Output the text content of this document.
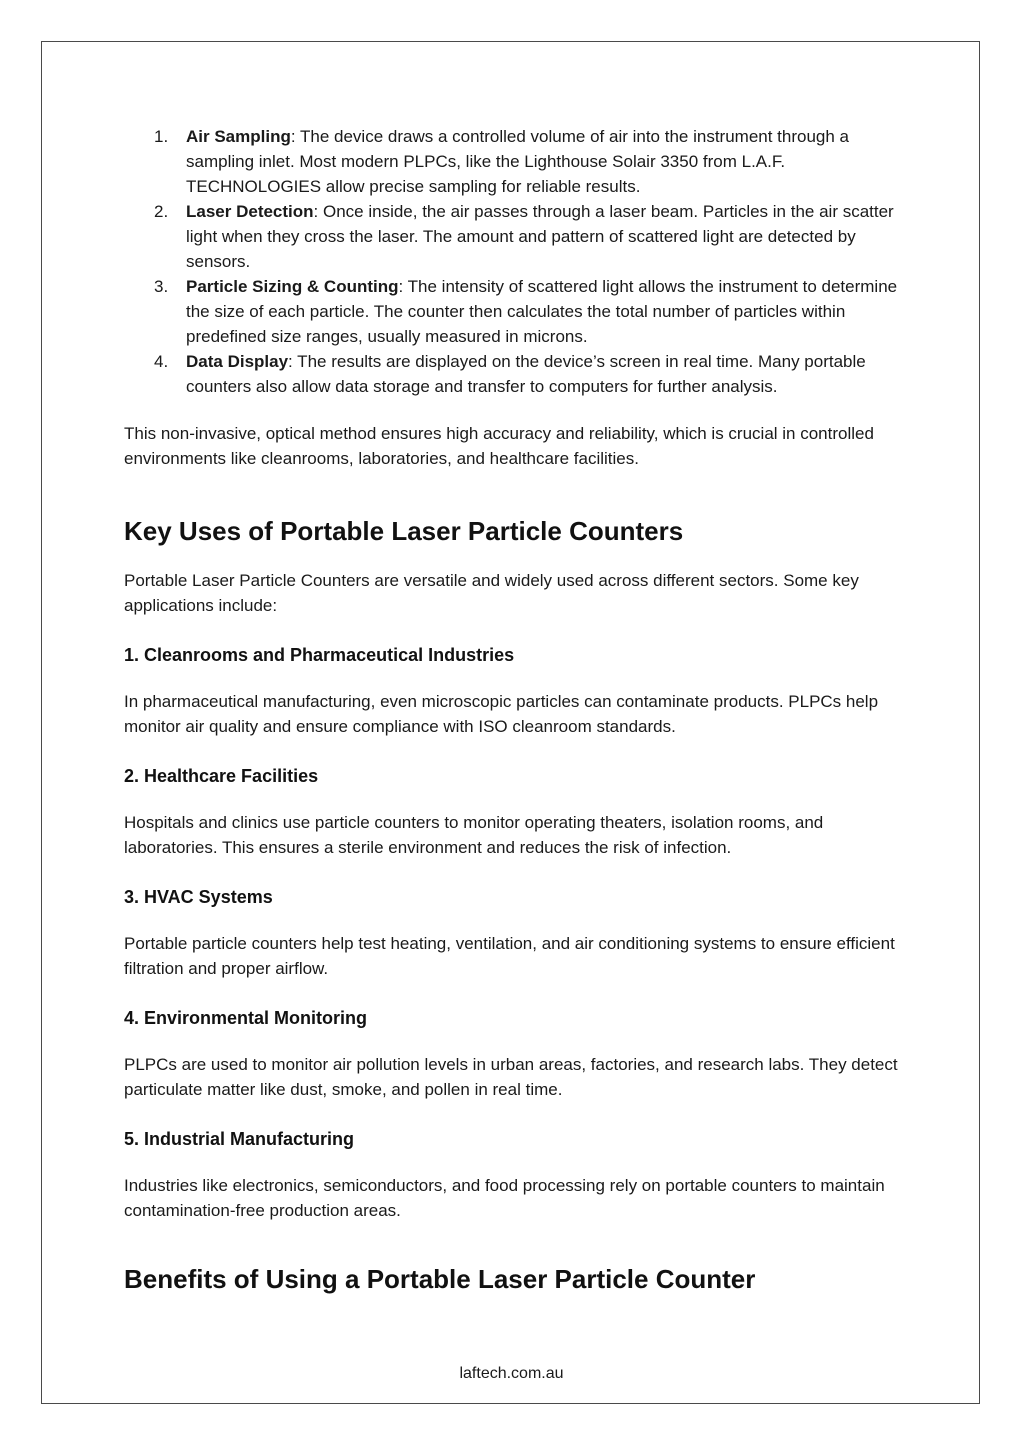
1.	Air Sampling: The device draws a controlled volume of air into the instrument through a sampling inlet. Most modern PLPCs, like the Lighthouse Solair 3350 from L.A.F. TECHNOLOGIES allow precise sampling for reliable results.
2.	Laser Detection: Once inside, the air passes through a laser beam. Particles in the air scatter light when they cross the laser. The amount and pattern of scattered light are detected by sensors.
3.	Particle Sizing & Counting: The intensity of scattered light allows the instrument to determine the size of each particle. The counter then calculates the total number of particles within predefined size ranges, usually measured in microns.
4.	Data Display: The results are displayed on the device’s screen in real time. Many portable counters also allow data storage and transfer to computers for further analysis.

This non-invasive, optical method ensures high accuracy and reliability, which is crucial in controlled environments like cleanrooms, laboratories, and healthcare facilities.

Key Uses of Portable Laser Particle Counters

Portable Laser Particle Counters are versatile and widely used across different sectors. Some key applications include:

1. Cleanrooms and Pharmaceutical Industries

In pharmaceutical manufacturing, even microscopic particles can contaminate products. PLPCs help monitor air quality and ensure compliance with ISO cleanroom standards.

2. Healthcare Facilities

Hospitals and clinics use particle counters to monitor operating theaters, isolation rooms, and laboratories. This ensures a sterile environment and reduces the risk of infection.

3. HVAC Systems

Portable particle counters help test heating, ventilation, and air conditioning systems to ensure efficient filtration and proper airflow.

4. Environmental Monitoring

PLPCs are used to monitor air pollution levels in urban areas, factories, and research labs. They detect particulate matter like dust, smoke, and pollen in real time.

5. Industrial Manufacturing

Industries like electronics, semiconductors, and food processing rely on portable counters to maintain contamination-free production areas.

Benefits of Using a Portable Laser Particle Counter
laftech.com.au
